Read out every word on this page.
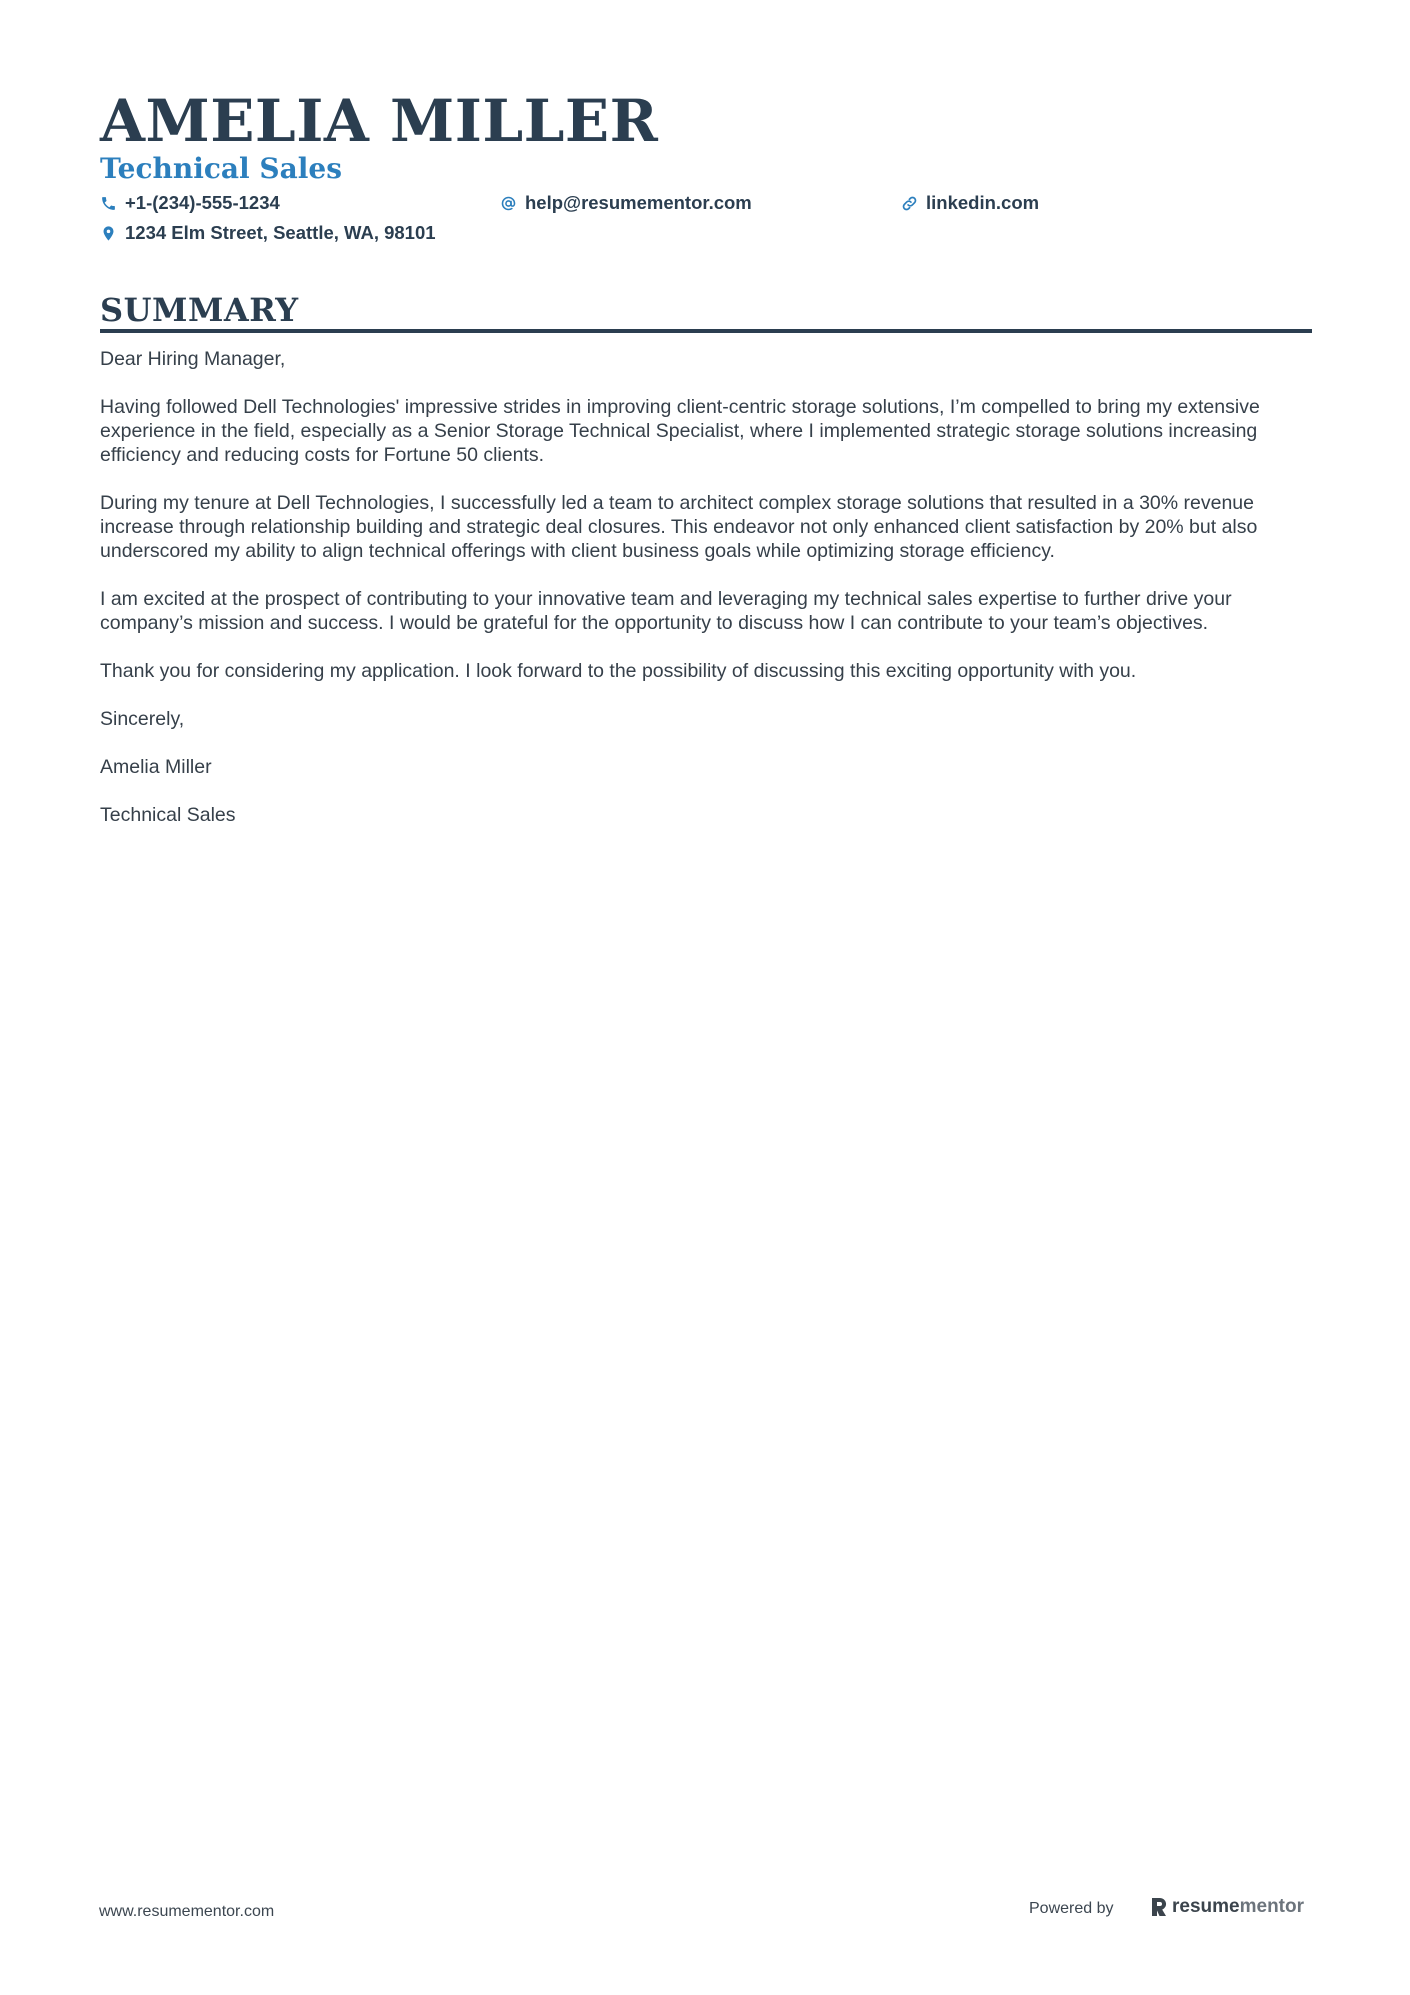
AMELIA MILLER
Technical Sales
+1-(234)-555-1234	help@resumementor.com	linkedin.com
1234 Elm Street, Seattle, WA, 98101
SUMMARY

Dear Hiring Manager,

Having followed Dell Technologies' impressive strides in improving client-centric storage solutions, I’m compelled to bring my extensive experience in the field, especially as a Senior Storage Technical Specialist, where I implemented strategic storage solutions increasing efficiency and reducing costs for Fortune 50 clients.

During my tenure at Dell Technologies, I successfully led a team to architect complex storage solutions that resulted in a 30% revenue increase through relationship building and strategic deal closures. This endeavor not only enhanced client satisfaction by 20% but also underscored my ability to align technical offerings with client business goals while optimizing storage efficiency.

I am excited at the prospect of contributing to your innovative team and leveraging my technical sales expertise to further drive your company’s mission and success. I would be grateful for the opportunity to discuss how I can contribute to your team’s objectives.

Thank you for considering my application. I look forward to the possibility of discussing this exciting opportunity with you.

Sincerely,

Amelia Miller

Technical Sales

www.resumementor.com	Powered by	resumementor
